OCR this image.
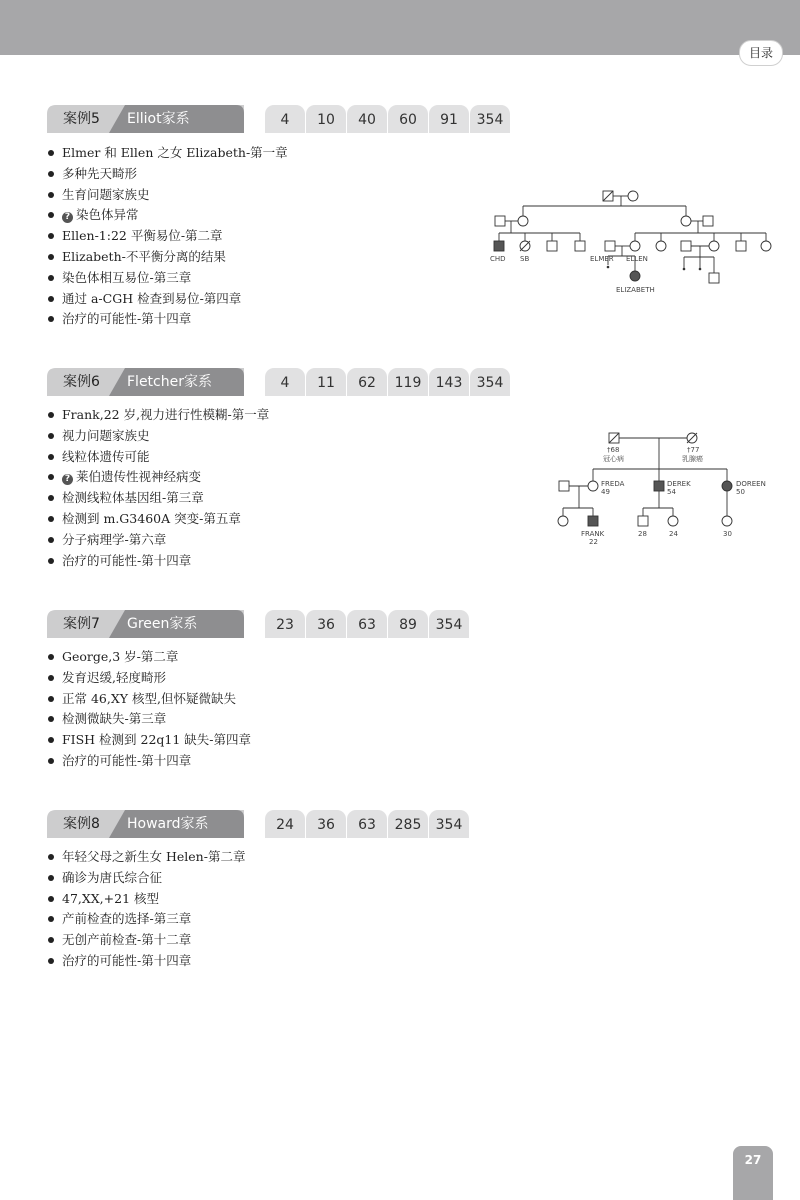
目录
案例5 Elliot家系	4	10	40	60	91	354
Elmer 和 Ellen 之女 Elizabeth-第一章
多种先天畸形
生育问题家族史
? 染色体异常
Ellen-1:22 平衡易位-第二章
Elizabeth-不平衡分离的结果
染色体相互易位-第三章
通过 a-CGH 检查到易位-第四章
治疗的可能性-第十四章
CHD SB	ELMER ELLEN
ELIZABETH
案例6 Fletcher家系	4	11	62	119	143	354
Frank,22 岁,视力进行性模糊-第一章
视力问题家族史
线粒体遗传可能
? 莱伯遗传性视神经病变
检测线粒体基因组-第三章
检测到 m.G3460A 突变-第五章
分子病理学-第六章
治疗的可能性-第十四章
†68
冠心病
†77
乳腺癌
FREDA
49
DEREK
54
DOREEN
50
FRANK
22
28	24	30
案例7 Green家系	23	36	63	89	354
George,3 岁-第二章
发育迟缓,轻度畸形
正常 46,XY 核型,但怀疑微缺失
检测微缺失-第三章
FISH 检测到 22q11 缺失-第四章
治疗的可能性-第十四章
案例8 Howard家系	24	36	63	285	354
年轻父母之新生女 Helen-第二章
确诊为唐氏综合征
47,XX,+21 核型
产前检查的选择-第三章
无创产前检查-第十二章
治疗的可能性-第十四章
27
